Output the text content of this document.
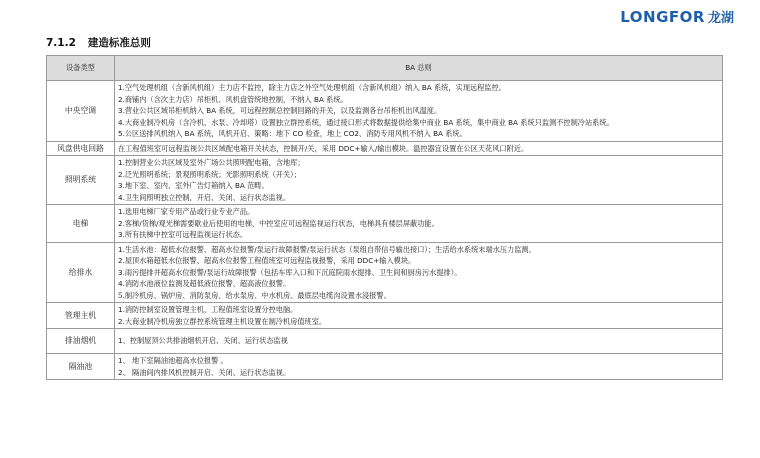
LONGFOR 龙湖
7.1.2 建造标准总则
设备类型	BA 总则
中央空调	1.空气处理机组（含新风机组）主力店不监控，除主力店之外空气处理机组（含新风机组）纳入 BA 系统，实现远程监控。
2.商铺内（含次主力店）吊柜机、风机盘管统地控制，不纳入 BA 系统。
3.营业公共区域吊柜机纳入 BA 系统，可远程控制总控制回路的开关，以及监测各台吊柜机出风温度。
4.大商业制冷机房（含冷机、水泵、冷却塔）设置独立群控系统，通过接口形式将数据提供给集中商业 BA 系统，集中商业 BA 系统只监测不控制冷站系统。
5.公区送排风机纳入 BA 系统，风机开启、策略：地下 CO 检查，地上 CO2、消防专用风机不纳入 BA 系统。

风盘供电回路	在工程值班室可远程监视公共区域配电箱开关状态，控制开/关，采用 DDC+输入/输出模块。温控器宜设置在公区天花风口附近。

照明系统	1.控制营业公共区域及室外广场公共照明配电箱，含地库；
2.泛光照明系统；景观照明系统；光影照明系统（开关）；
3.地下室、室内、室外广告灯箱纳入 BA 范畴。
4.卫生间照明独立控制，开启、关闭、运行状态监视。

电梯	1.选用电梯厂家专用产品或行业专业产品。
2.客梯/货梯/观光梯需要歇业后使用的电梯，中控室应可远程监视运行状态，电梯具有楼层屏蔽功能。
3.所有扶梯中控室可远程监视运行状态。

给排水	1.生活水池：超低水位报警、超高水位报警/泵运行故障报警/泵运行状态（泵组自带信号输出接口）；生活给水系统末端水压力监测。
2.屋顶水箱超低水位报警、超高水位报警工程值班室可远程监视报警，采用 DDC+输入模块。
3.雨污提排井超高水位报警/泵运行故障报警（包括车库入口和下沉庭院雨水提排、卫生间和厨房污水提排）。
4.消防水池液位监测及超低液位报警、超高液位报警。
5.制冷机房、锅炉房、消防泵房、给水泵房、中水机房、最底层电缆沟设置水浸报警。

管理主机	1.消防控制室设置管理主机，工程值班室设置分控电脑。
2.大商业制冷机房独立群控系统管理主机设置在制冷机房值班室。

排油烟机	1、控制屋顶公共排油烟机开启、关闭、运行状态监视

隔油池	1、 地下室隔油池超高水位报警 。
2、 隔油间内排风机控制开启、关闭、运行状态监视。
